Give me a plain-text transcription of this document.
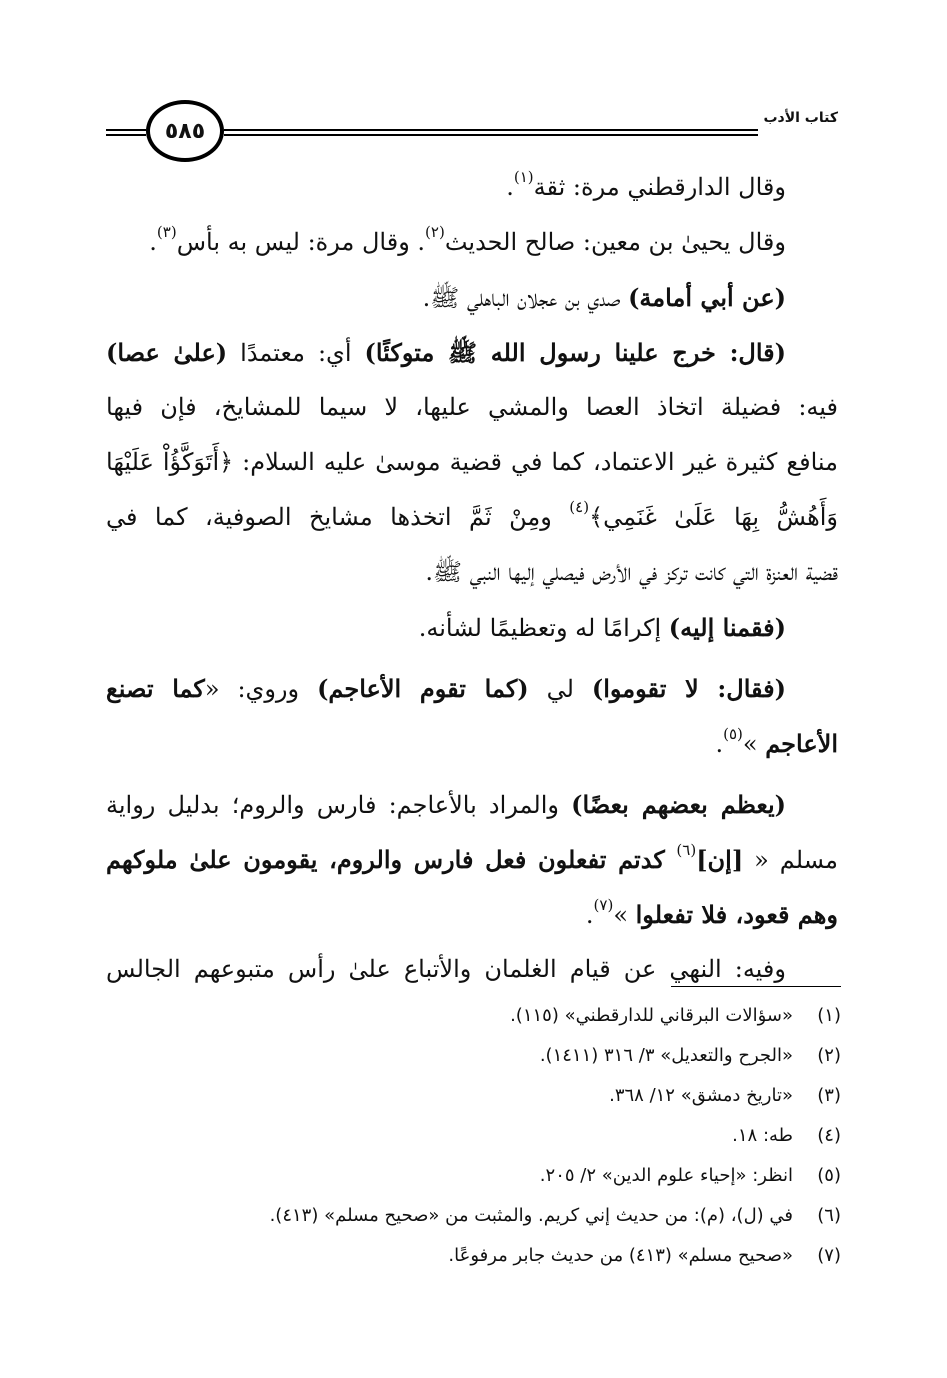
٥٨٥
كتاب الأدب
وقال الدارقطني مرة: ثقة$^{(١)}$.
وقال يحيىٰ بن معين: صالح الحديث$^{(٢)}$. وقال مرة: ليس به بأس$^{(٣)}$.
(عن أبي أمامة) صدي بن عجلان الباهلي ﷺ.
(قال: خرج علينا رسول الله ﷺ متوكئًا) أي: معتمدًا (علىٰ عصا)
فيه: فضيلة اتخاذ العصا والمشي عليها، لا سيما للمشايخ، فإن فيها
منافع كثيرة غير الاعتماد، كما في قضية موسىٰ عليه السلام: ﴿أَتَوَكَّؤُاْ عَلَيْهَا
وَأَهُشُّ بِهَا عَلَىٰ غَنَمِي﴾$^{(٤)}$ ومِنْ ثَمَّ اتخذها مشايخ الصوفية، كما في
قضية العنزة التي كانت تركز في الأرض فيصلي إليها النبي ﷺ.
(فقمنا إليه) إكرامًا له وتعظيمًا لشأنه.
(فقال: لا تقوموا) لي (كما تقوم الأعاجم) وروي: «كما تصنع
الأعاجم »$^{(٥)}$.
(يعظم بعضهم بعضًا) والمراد بالأعاجم: فارس والروم؛ بدليل رواية
مسلم « [إن]$^{(٦)}$ كدتم تفعلون فعل فارس والروم، يقومون علىٰ ملوكهم
وهم قعود، فلا تفعلوا »$^{(٧)}$.
وفيه: النهي عن قيام الغلمان والأتباع علىٰ رأس متبوعهم الجالس
(١)
«سؤالات البرقاني للدارقطني» (١١٥).
(٢)
«الجرح والتعديل» ٣/ ٣١٦ (١٤١١).
(٣)
«تاريخ دمشق» ١٢/ ٣٦٨.
(٤)
طه: ١٨.
(٥)
انظر: «إحياء علوم الدين» ٢/ ٢٠٥.
(٦)
في (ل)، (م): من حديث إني كريم. والمثبت من «صحيح مسلم» (٤١٣).
(٧)
«صحيح مسلم» (٤١٣) من حديث جابر مرفوعًا.
